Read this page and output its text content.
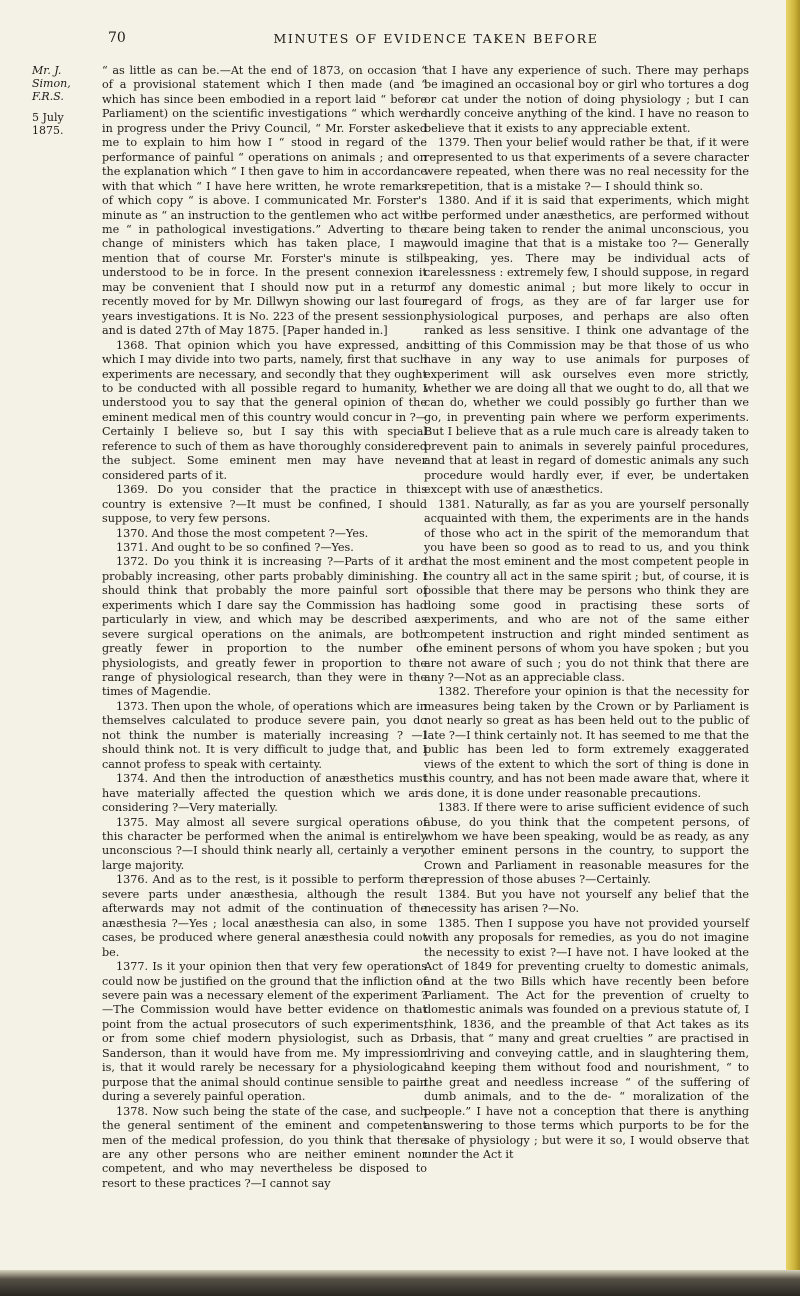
70	MINUTES OF EVIDENCE TAKEN BEFORE
Mr. J. Simon, F.R.S.
5 July 1875.

“ as little as can be.—At the end of 1873, on occasion “ of a provisional statement which I then made (and “ which has since been embodied in a report laid “ before Parliament) on the scientific investigations “ which were in progress under the Privy Council, “ Mr. Forster asked me to explain to him how I “ stood in regard of the performance of painful “ operations on animals ; and on the explanation which “ I then gave to him in accordance with that which “ I have here written, he wrote remarks of which copy “ is above. I communicated Mr. Forster's minute as “ an instruction to the gentlemen who act with me “ in pathological investigations.” Adverting to the change of ministers which has taken place, I may mention that of course Mr. Forster's minute is still understood to be in force. In the present connexion it may be convenient that I should now put in a return recently moved for by Mr. Dillwyn showing our last four years investigations. It is No. 223 of the present session, and is dated 27th of May 1875. [Paper handed in.]

1368. That opinion which you have expressed, and which I may divide into two parts, namely, first that such experiments are necessary, and secondly that they ought to be conducted with all possible regard to humanity, I understood you to say that the general opinion of the eminent medical men of this country would concur in ?—Certainly I believe so, but I say this with special reference to such of them as have thoroughly considered the subject. Some eminent men may have never considered parts of it.

1369. Do you consider that the practice in this country is extensive ?—It must be confined, I should suppose, to very few persons.

1370. And those the most competent ?—Yes.

1371. And ought to be so confined ?—Yes.

1372. Do you think it is increasing ?—Parts of it are probably increasing, other parts probably diminishing. I should think that probably the more painful sort of experiments which I dare say the Commission has had particularly in view, and which may be described as severe surgical operations on the animals, are both greatly fewer in proportion to the number of physiologists, and greatly fewer in proportion to the range of physiological research, than they were in the times of Magendie.

1373. Then upon the whole, of operations which are in themselves calculated to produce severe pain, you do not think the number is materially increasing ? —I should think not. It is very difficult to judge that, and I cannot profess to speak with certainty.

1374. And then the introduction of anæsthetics must have materially affected the question which we are considering ?—Very materially.

1375. May almost all severe surgical operations of this character be performed when the animal is entirely unconscious ?—I should think nearly all, certainly a very large majority.

1376. And as to the rest, is it possible to perform the severe parts under anæsthesia, although the result afterwards may not admit of the continuation of the anæsthesia ?—Yes ; local anæsthesia can also, in some cases, be produced where general anæsthesia could not be.

1377. Is it your opinion then that very few operations could now be justified on the ground that the infliction of severe pain was a necessary element of the experiment ?—The Commission would have better evidence on that point from the actual prosecutors of such experiments, or from some chief modern physiologist, such as Dr. Sanderson, than it would have from me. My impression is, that it would rarely be necessary for a physiological purpose that the animal should continue sensible to pain during a severely painful operation.

1378. Now such being the state of the case, and such the general sentiment of the eminent and competent men of the medical profession, do you think that there are any other persons who are neither eminent nor competent, and who may nevertheless be disposed to resort to these practices ?—I cannot say

that I have any experience of such. There may perhaps be imagined an occasional boy or girl who tortures a dog or cat under the notion of doing physiology ; but I can hardly conceive anything of the kind. I have no reason to believe that it exists to any appreciable extent.

1379. Then your belief would rather be that, if it were represented to us that experiments of a severe character were repeated, when there was no real necessity for the repetition, that is a mistake ?— I should think so.

1380. And if it is said that experiments, which might be performed under anæsthetics, are performed without care being taken to render the animal unconscious, you would imagine that that is a mistake too ?— Generally speaking, yes. There may be individual acts of carelessness : extremely few, I should suppose, in regard of any domestic animal ; but more likely to occur in regard of frogs, as they are of far larger use for physiological purposes, and perhaps are also often ranked as less sensitive. I think one advantage of the sitting of this Commission may be that those of us who have in any way to use animals for purposes of experiment will ask ourselves even more strictly, whether we are doing all that we ought to do, all that we can do, whether we could possibly go further than we go, in preventing pain where we perform experiments. But I believe that as a rule much care is already taken to prevent pain to animals in severely painful procedures, and that at least in regard of domestic animals any such procedure would hardly ever, if ever, be undertaken except with use of anæsthetics.

1381. Naturally, as far as you are yourself personally acquainted with them, the experiments are in the hands of those who act in the spirit of the memorandum that you have been so good as to read to us, and you think that the most eminent and the most competent people in the country all act in the same spirit ; but, of course, it is possible that there may be persons who think they are doing some good in practising these sorts of experiments, and who are not of the same either competent instruction and right minded sentiment as the eminent persons of whom you have spoken ; but you are not aware of such ; you do not think that there are any ?—Not as an appreciable class.

1382. Therefore your opinion is that the necessity for measures being taken by the Crown or by Parliament is not nearly so great as has been held out to the public of late ?—I think certainly not. It has seemed to me that the public has been led to form extremely exaggerated views of the extent to which the sort of thing is done in this country, and has not been made aware that, where it is done, it is done under reasonable precautions.

1383. If there were to arise sufficient evidence of such abuse, do you think that the competent persons, of whom we have been speaking, would be as ready, as any other eminent persons in the country, to support the Crown and Parliament in reasonable measures for the repression of those abuses ?—Certainly.

1384. But you have not yourself any belief that the necessity has arisen ?—No.

1385. Then I suppose you have not provided yourself with any proposals for remedies, as you do not imagine the necessity to exist ?—I have not. I have looked at the Act of 1849 for preventing cruelty to domestic animals, and at the two Bills which have recently been before Parliament. The Act for the prevention of cruelty to domestic animals was founded on a previous statute of, I think, 1836, and the preamble of that Act takes as its basis, that “ many and great cruelties ” are practised in driving and conveying cattle, and in slaughtering them, and keeping them without food and nourishment, “ to the great and needless increase “ of the suffering of dumb animals, and to the de- “ moralization of the people.” I have not a conception that there is anything answering to those terms which purports to be for the sake of physiology ; but were it so, I would observe that under the Act it
